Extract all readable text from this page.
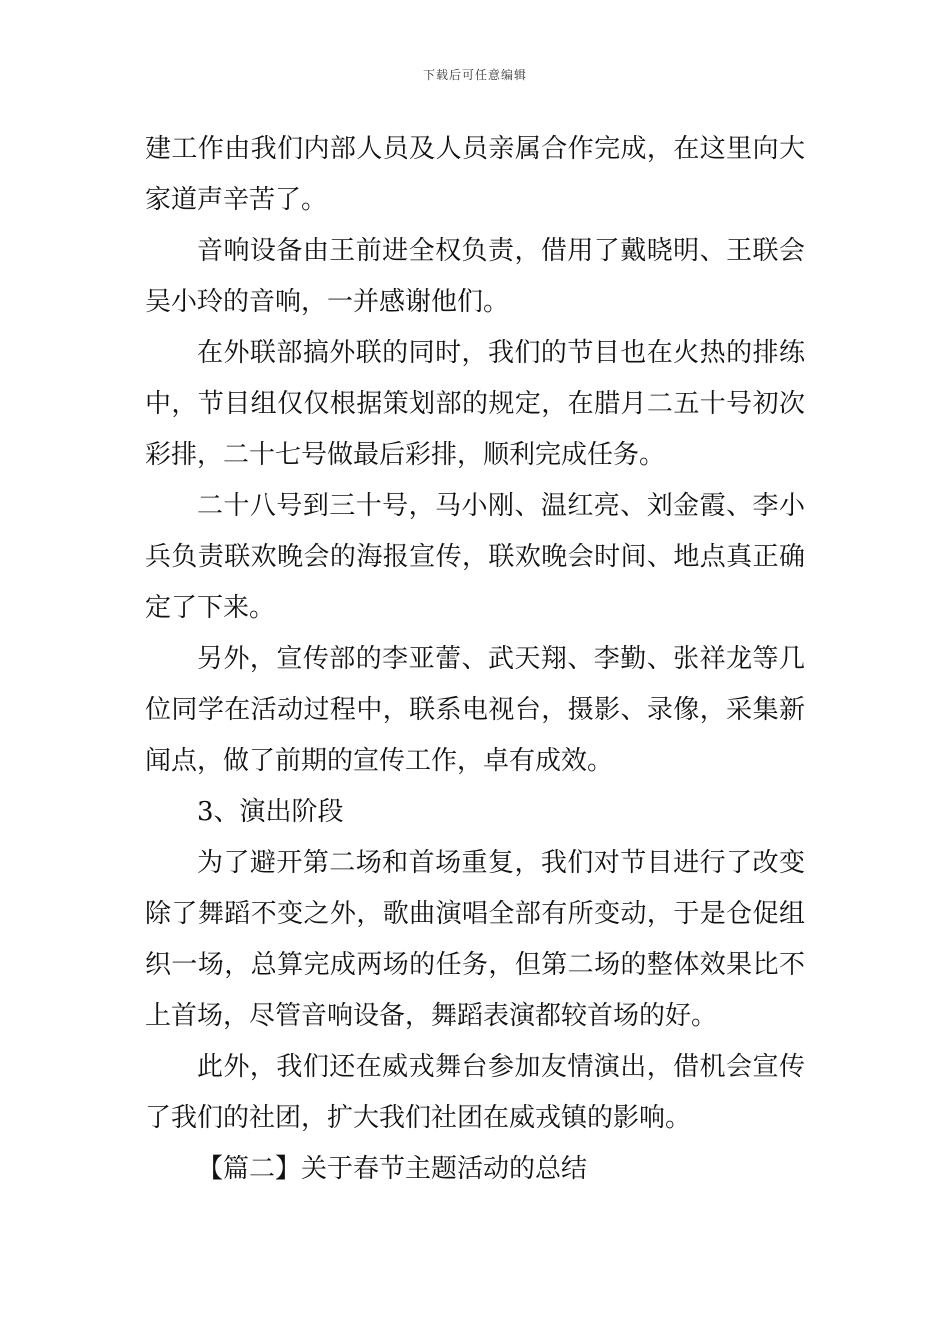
下载后可任意编辑

建工作由我们内部人员及人员亲属合作完成，在这里向大
家道声辛苦了。

音响设备由王前进全权负责，借用了戴晓明、王联会
吴小玲的音响，一并感谢他们。

在外联部搞外联的同时，我们的节目也在火热的排练
中，节目组仅仅根据策划部的规定，在腊月二五十号初次
彩排，二十七号做最后彩排，顺利完成任务。

二十八号到三十号，马小刚、温红亮、刘金霞、李小
兵负责联欢晚会的海报宣传，联欢晚会时间、地点真正确
定了下来。

另外，宣传部的李亚蕾、武天翔、李勤、张祥龙等几
位同学在活动过程中，联系电视台，摄影、录像，采集新
闻点，做了前期的宣传工作，卓有成效。

3、演出阶段

为了避开第二场和首场重复，我们对节目进行了改变
除了舞蹈不变之外，歌曲演唱全部有所变动，于是仓促组
织一场，总算完成两场的任务，但第二场的整体效果比不
上首场，尽管音响设备，舞蹈表演都较首场的好。

此外，我们还在威戎舞台参加友情演出，借机会宣传
了我们的社团，扩大我们社团在威戎镇的影响。

【篇二】关于春节主题活动的总结
